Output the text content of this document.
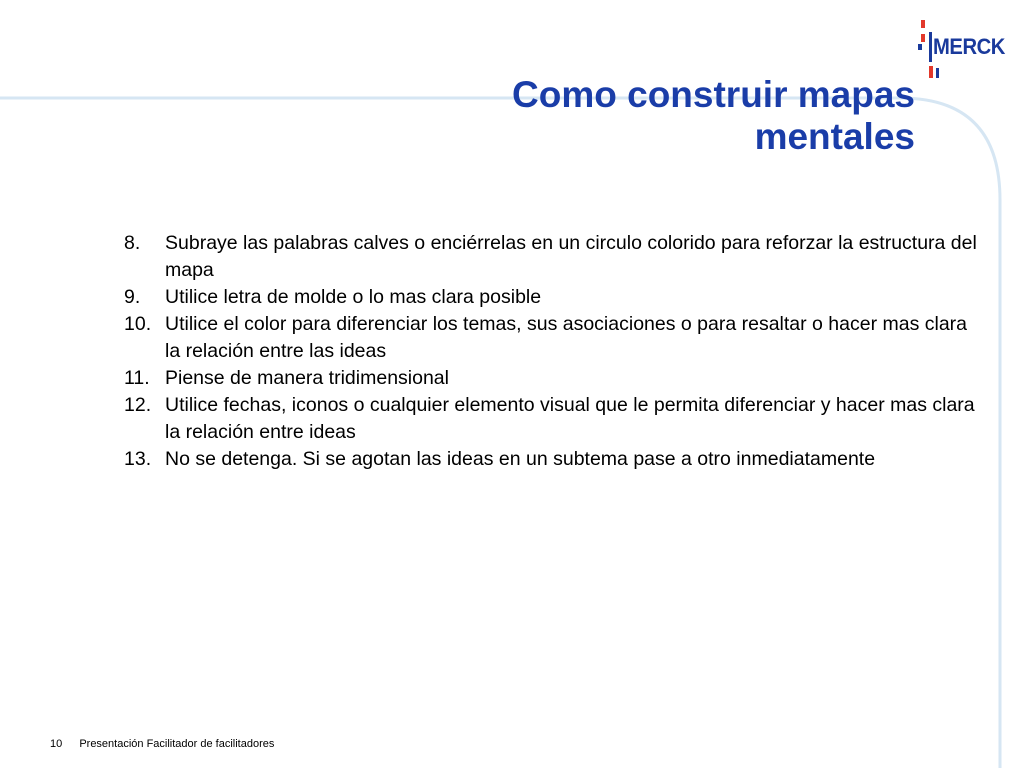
MERCK
Como construir mapas
mentales
8. Subraye las palabras calves o enciérrelas en un circulo colorido para reforzar la estructura del mapa
9. Utilice letra de molde o lo mas clara posible
10. Utilice el color para diferenciar los temas, sus asociaciones o para resaltar o hacer mas clara la relación entre las ideas
11. Piense de manera tridimensional
12. Utilice fechas, iconos o cualquier elemento visual que le permita diferenciar y hacer mas clara la relación entre ideas
13. No se detenga. Si se agotan las ideas en un subtema pase a otro inmediatamente
10 Presentación Facilitador de facilitadores
